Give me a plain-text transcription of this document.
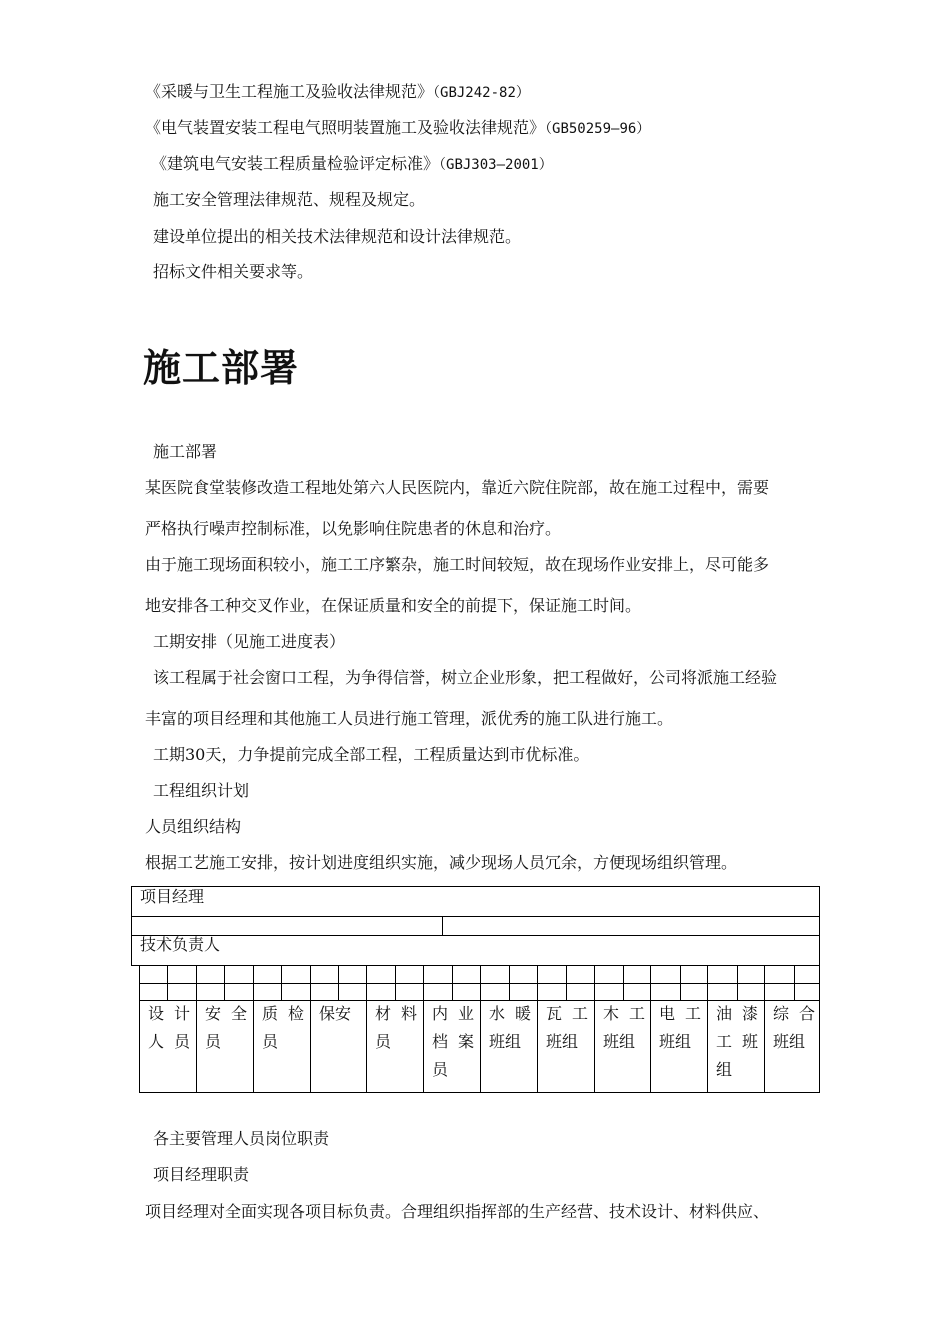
《采暖与卫生工程施工及验收法律规范》（GBJ242-82）
《电气装置安装工程电气照明装置施工及验收法律规范》（GB50259—96）
《建筑电气安装工程质量检验评定标准》（GBJ303—2001）
施工安全管理法律规范、规程及规定。
建设单位提出的相关技术法律规范和设计法律规范。
招标文件相关要求等。
施工部署
施工部署
某医院食堂装修改造工程地处第六人民医院内，靠近六院住院部，故在施工过程中，需要
严格执行噪声控制标准，以免影响住院患者的休息和治疗。
由于施工现场面积较小，施工工序繁杂，施工时间较短，故在现场作业安排上，尽可能多
地安排各工种交叉作业，在保证质量和安全的前提下，保证施工时间。
工期安排（见施工进度表）
该工程属于社会窗口工程，为争得信誉，树立企业形象，把工程做好，公司将派施工经验
丰富的项目经理和其他施工人员进行施工管理，派优秀的施工队进行施工。
工期30天，力争提前完成全部工程，工程质量达到市优标准。
工程组织计划
人员组织结构
根据工艺施工安排，按计划进度组织实施，减少现场人员冗余，方便现场组织管理。
项目经理
技术负责人
设计人员
安全员
质检员
保安	材料员
内业档案员
水暖班组
瓦工班组
木工班组
电工班组
油漆工班组
综合班组
各主要管理人员岗位职责
项目经理职责
项目经理对全面实现各项目标负责。合理组织指挥部的生产经营、技术设计、材料供应、
